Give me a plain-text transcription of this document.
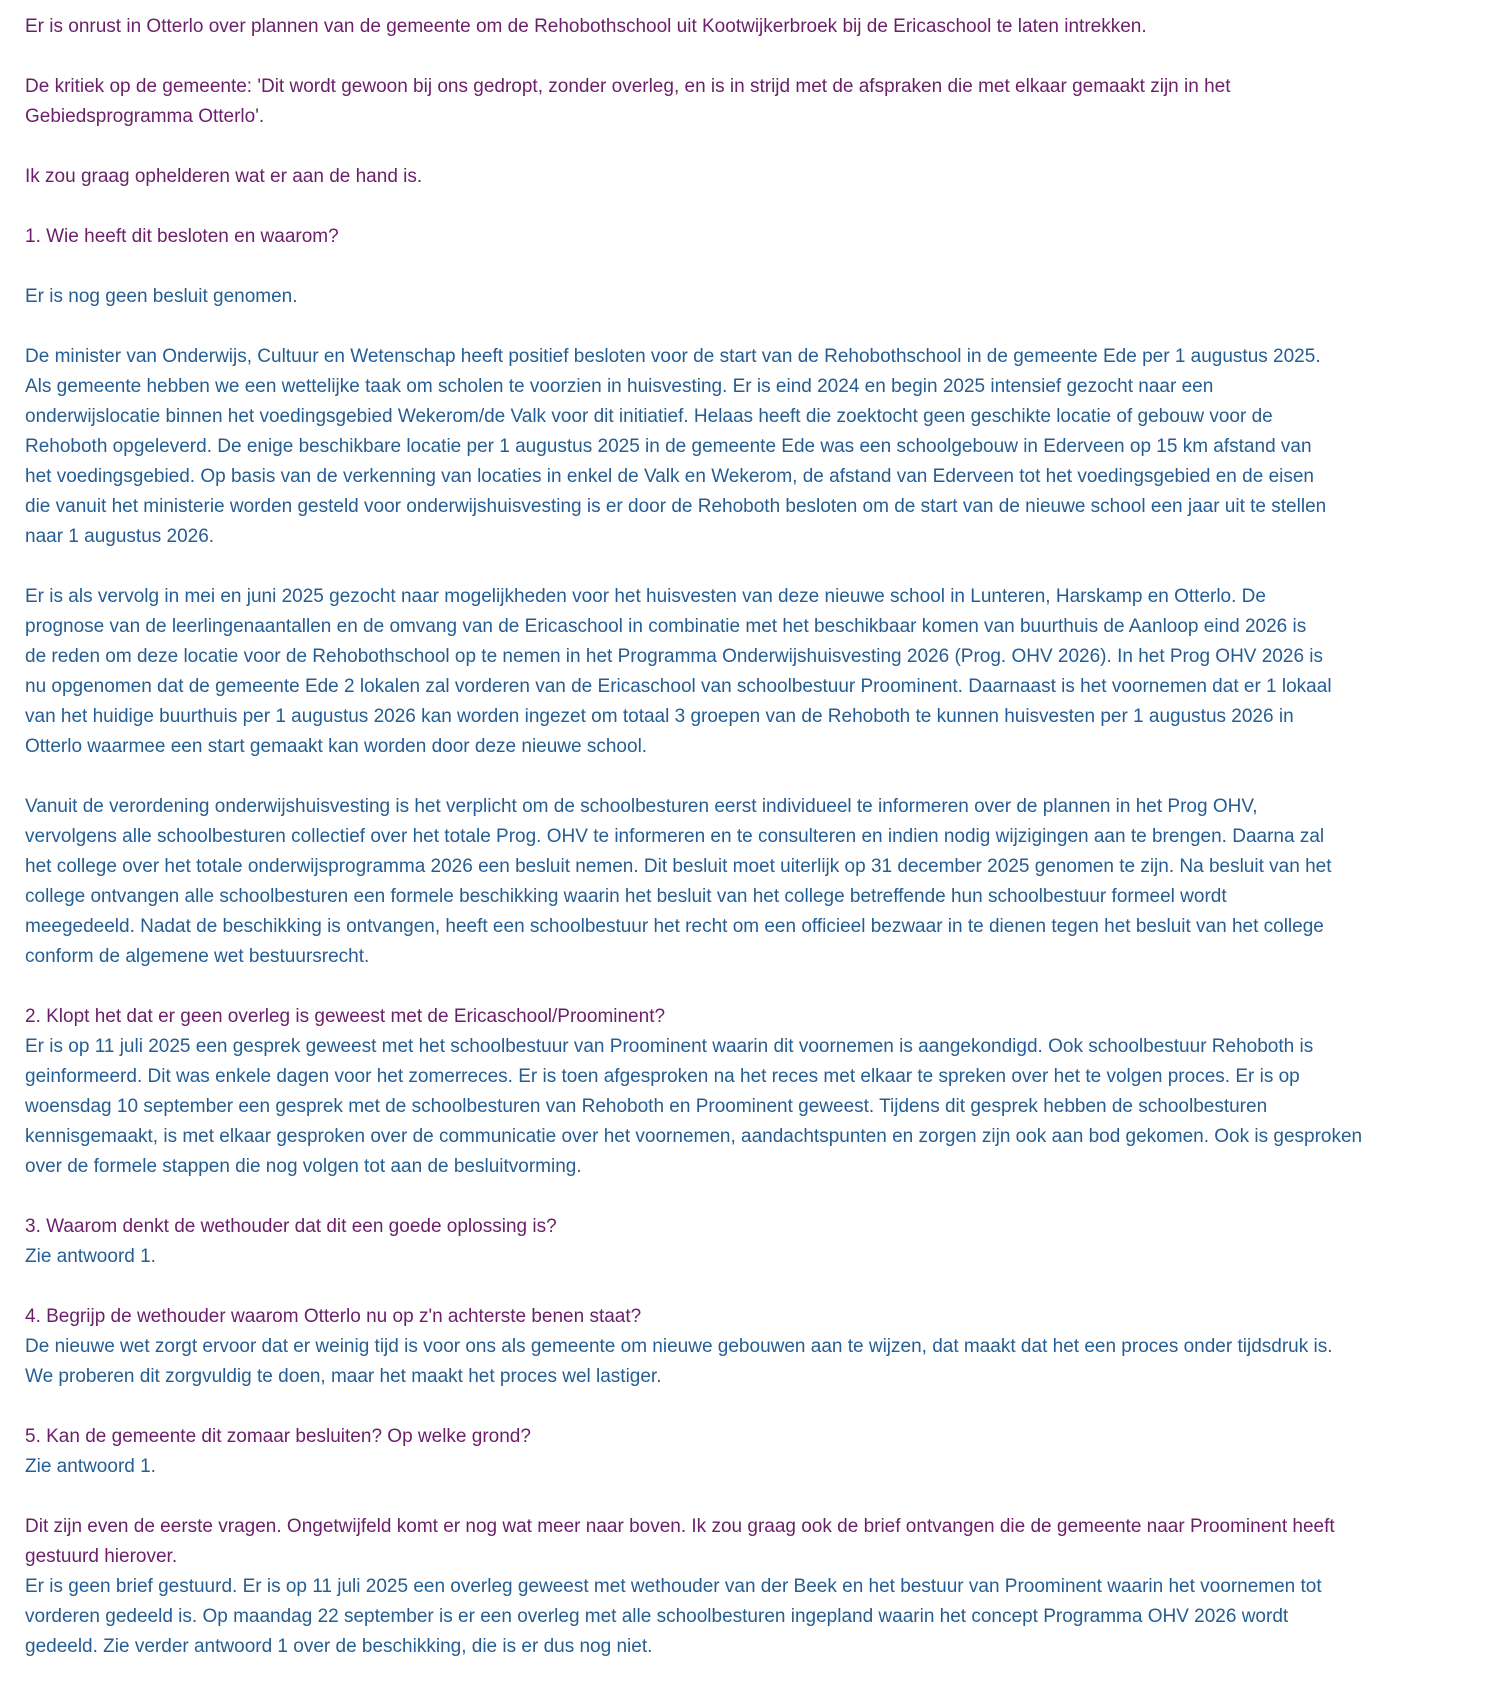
Er is onrust in Otterlo over plannen van de gemeente om de Rehobothschool uit Kootwijkerbroek bij de Ericaschool te laten intrekken.
De kritiek op de gemeente: 'Dit wordt gewoon bij ons gedropt, zonder overleg, en is in strijd met de afspraken die met elkaar gemaakt zijn in het
Gebiedsprogramma Otterlo'.
Ik zou graag ophelderen wat er aan de hand is.
1. Wie heeft dit besloten en waarom?
Er is nog geen besluit genomen.
De minister van Onderwijs, Cultuur en Wetenschap heeft positief besloten voor de start van de Rehobothschool in de gemeente Ede per 1 augustus 2025.
Als gemeente hebben we een wettelijke taak om scholen te voorzien in huisvesting. Er is eind 2024 en begin 2025 intensief gezocht naar een
onderwijslocatie binnen het voedingsgebied Wekerom/de Valk voor dit initiatief. Helaas heeft die zoektocht geen geschikte locatie of gebouw voor de
Rehoboth opgeleverd. De enige beschikbare locatie per 1 augustus 2025 in de gemeente Ede was een schoolgebouw in Ederveen op 15 km afstand van
het voedingsgebied. Op basis van de verkenning van locaties in enkel de Valk en Wekerom, de afstand van Ederveen tot het voedingsgebied en de eisen
die vanuit het ministerie worden gesteld voor onderwijshuisvesting is er door de Rehoboth besloten om de start van de nieuwe school een jaar uit te stellen
naar 1 augustus 2026.
Er is als vervolg in mei en juni 2025 gezocht naar mogelijkheden voor het huisvesten van deze nieuwe school in Lunteren, Harskamp en Otterlo. De
prognose van de leerlingenaantallen en de omvang van de Ericaschool in combinatie met het beschikbaar komen van buurthuis de Aanloop eind 2026 is
de reden om deze locatie voor de Rehobothschool op te nemen in het Programma Onderwijshuisvesting 2026 (Prog. OHV 2026). In het Prog OHV 2026 is
nu opgenomen dat de gemeente Ede 2 lokalen zal vorderen van de Ericaschool van schoolbestuur Proominent. Daarnaast is het voornemen dat er 1 lokaal
van het huidige buurthuis per 1 augustus 2026 kan worden ingezet om totaal 3 groepen van de Rehoboth te kunnen huisvesten per 1 augustus 2026 in
Otterlo waarmee een start gemaakt kan worden door deze nieuwe school.
Vanuit de verordening onderwijshuisvesting is het verplicht om de schoolbesturen eerst individueel te informeren over de plannen in het Prog OHV,
vervolgens alle schoolbesturen collectief over het totale Prog. OHV te informeren en te consulteren en indien nodig wijzigingen aan te brengen. Daarna zal
het college over het totale onderwijsprogramma 2026 een besluit nemen. Dit besluit moet uiterlijk op 31 december 2025 genomen te zijn. Na besluit van het
college ontvangen alle schoolbesturen een formele beschikking waarin het besluit van het college betreffende hun schoolbestuur formeel wordt
meegedeeld. Nadat de beschikking is ontvangen, heeft een schoolbestuur het recht om een officieel bezwaar in te dienen tegen het besluit van het college
conform de algemene wet bestuursrecht.
2. Klopt het dat er geen overleg is geweest met de Ericaschool/Proominent?
Er is op 11 juli 2025 een gesprek geweest met het schoolbestuur van Proominent waarin dit voornemen is aangekondigd. Ook schoolbestuur Rehoboth is
geinformeerd. Dit was enkele dagen voor het zomerreces. Er is toen afgesproken na het reces met elkaar te spreken over het te volgen proces. Er is op
woensdag 10 september een gesprek met de schoolbesturen van Rehoboth en Proominent geweest. Tijdens dit gesprek hebben de schoolbesturen
kennisgemaakt, is met elkaar gesproken over de communicatie over het voornemen, aandachtspunten en zorgen zijn ook aan bod gekomen. Ook is gesproken
over de formele stappen die nog volgen tot aan de besluitvorming.
3. Waarom denkt de wethouder dat dit een goede oplossing is?
Zie antwoord 1.
4. Begrijp de wethouder waarom Otterlo nu op z'n achterste benen staat?
De nieuwe wet zorgt ervoor dat er weinig tijd is voor ons als gemeente om nieuwe gebouwen aan te wijzen, dat maakt dat het een proces onder tijdsdruk is.
We proberen dit zorgvuldig te doen, maar het maakt het proces wel lastiger.
5. Kan de gemeente dit zomaar besluiten? Op welke grond?
Zie antwoord 1.
Dit zijn even de eerste vragen. Ongetwijfeld komt er nog wat meer naar boven. Ik zou graag ook de brief ontvangen die de gemeente naar Proominent heeft
gestuurd hierover.
Er is geen brief gestuurd. Er is op 11 juli 2025 een overleg geweest met wethouder van der Beek en het bestuur van Proominent waarin het voornemen tot
vorderen gedeeld is. Op maandag 22 september is er een overleg met alle schoolbesturen ingepland waarin het concept Programma OHV 2026 wordt
gedeeld. Zie verder antwoord 1 over de beschikking, die is er dus nog niet.
